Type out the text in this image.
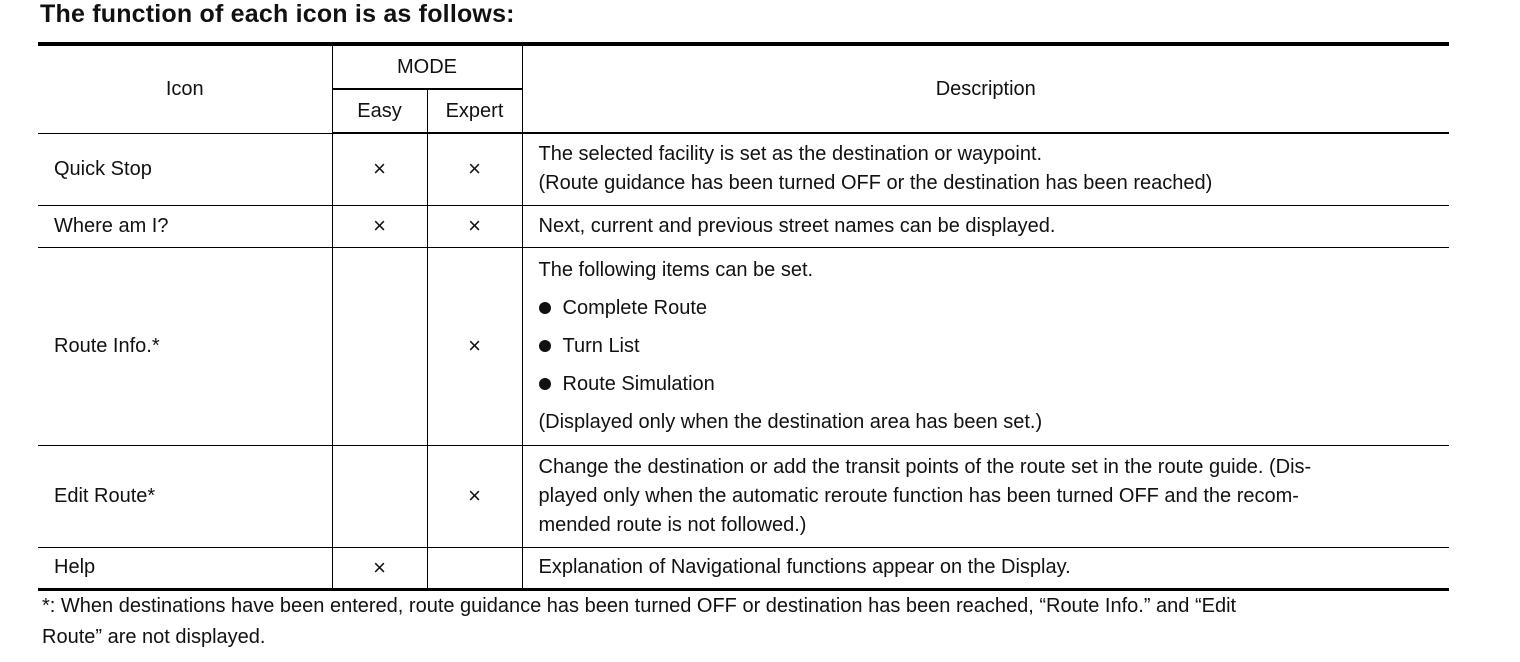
The function of each icon is as follows:
Icon	MODE		Description
	Easy	Expert	
Quick Stop	×	×	The selected facility is set as the destination or waypoint.
(Route guidance has been turned OFF or the destination has been reached)

Where am I?	×	×	Next, current and previous street names can be displayed.

Route Info.*		×	The following items can be set.
Complete Route
Turn List
Route Simulation
(Displayed only when the destination area has been set.)

Edit Route*		×	Change the destination or add the transit points of the route set in the route guide. (Dis-
played only when the automatic reroute function has been turned OFF and the recom-
mended route is not followed.)

Help	×		Explanation of Navigational functions appear on the Display.
*: When destinations have been entered, route guidance has been turned OFF or destination has been reached, “Route Info.” and “Edit
Route” are not displayed.
